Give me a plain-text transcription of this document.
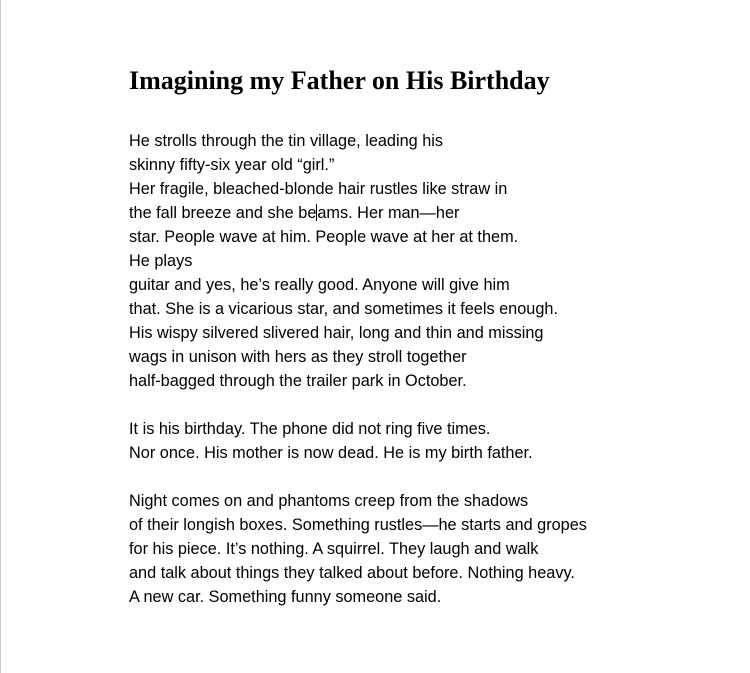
Imagining my Father on His Birthday
He strolls through the tin village, leading his
skinny fifty-six year old “girl.”
Her fragile, bleached-blonde hair rustles like straw in
the fall breeze and she beams. Her man—her
star. People wave at him. People wave at her at them.
He plays
guitar and yes, he’s really good. Anyone will give him
that. She is a vicarious star, and sometimes it feels enough.
His wispy silvered slivered hair, long and thin and missing
wags in unison with hers as they stroll together
half-bagged through the trailer park in October.
It is his birthday. The phone did not ring five times.
Nor once. His mother is now dead. He is my birth father.
Night comes on and phantoms creep from the shadows
of their longish boxes. Something rustles—he starts and gropes
for his piece. It’s nothing. A squirrel. They laugh and walk
and talk about things they talked about before. Nothing heavy.
A new car. Something funny someone said.
